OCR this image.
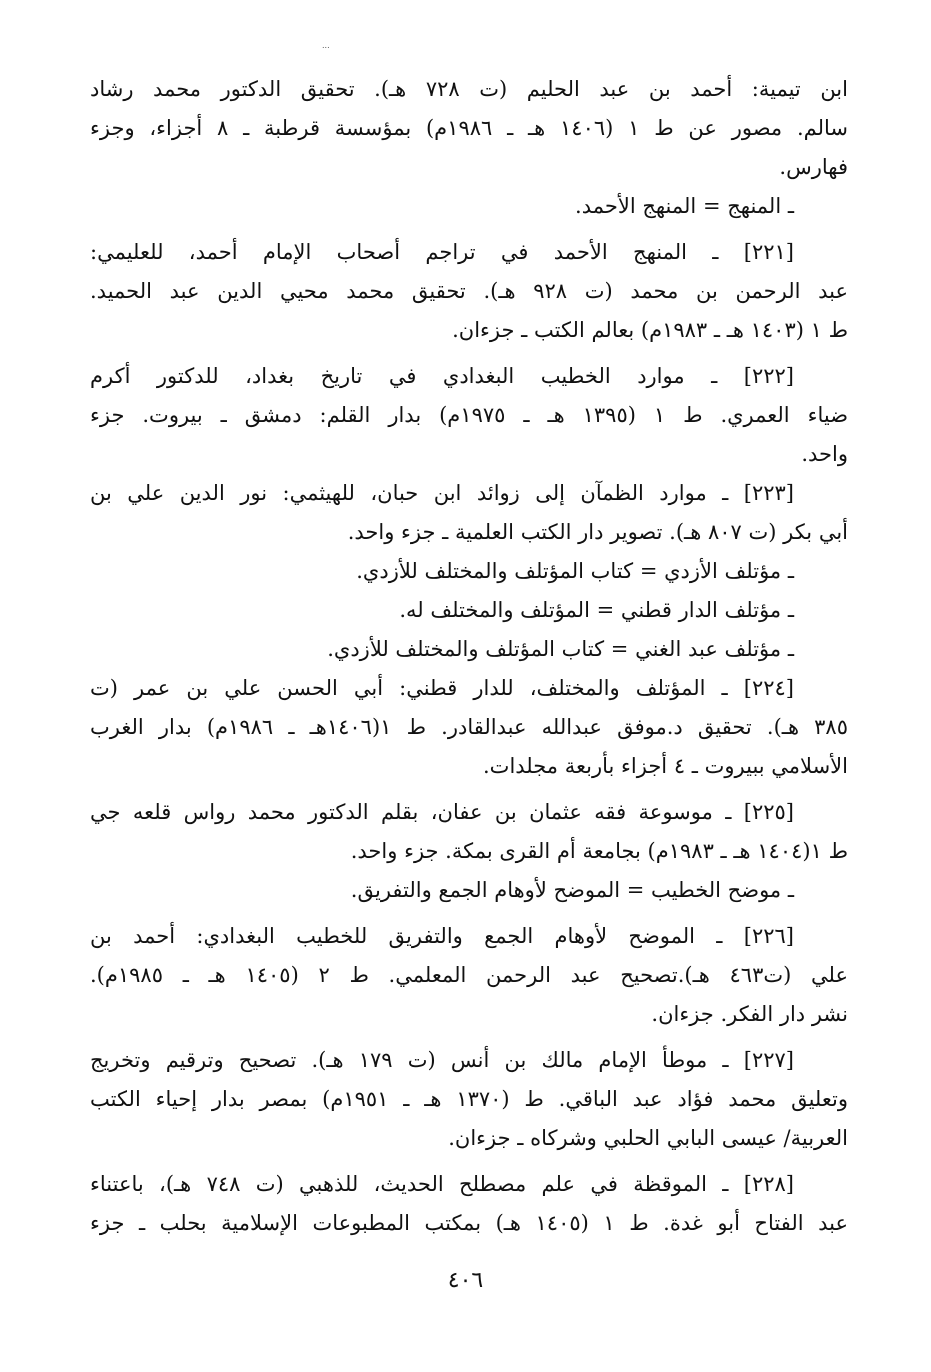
...
ابن تيمية: أحمد بن عبد الحليم (ت ٧٢٨ هـ). تحقيق الدكتور محمد رشاد
سالم. مصور عن ط ١ (١٤٠٦ هـ ـ ١٩٨٦م) بمؤسسة قرطبة ـ ٨ أجزاء، وجزء
فهارس.
ـ المنهج = المنهج الأحمد.
[٢٢١] ـ المنهج الأحمد في تراجم أصحاب الإمام أحمد، للعليمي:
عبد الرحمن بن محمد (ت ٩٢٨ هـ). تحقيق محمد محيي الدين عبد الحميد.
ط ١ (١٤٠٣ هـ ـ ١٩٨٣م) بعالم الكتب ـ جزءان.
[٢٢٢] ـ موارد الخطيب البغدادي في تاريخ بغداد، للدكتور أكرم
ضياء العمري. ط ١ (١٣٩٥ هـ ـ ١٩٧٥م) بدار القلم: دمشق ـ بيروت. جزء
واحد.
[٢٢٣] ـ موارد الظمآن إلى زوائد ابن حبان، للهيثمي: نور الدين علي بن
أبي بكر (ت ٨٠٧ هـ). تصوير دار الكتب العلمية ـ جزء واحد.
ـ مؤتلف الأزدي = كتاب المؤتلف والمختلف للأزدي.
ـ مؤتلف الدار قطني = المؤتلف والمختلف له.
ـ مؤتلف عبد الغني = كتاب المؤتلف والمختلف للأزدي.
[٢٢٤] ـ المؤتلف والمختلف، للدار قطني: أبي الحسن علي بن عمر (ت
٣٨٥ هـ). تحقيق د.موفق عبدالله عبدالقادر. ط ١(١٤٠٦هـ ـ ١٩٨٦م) بدار الغرب
الأسلامي ببيروت ـ ٤ أجزاء بأربعة مجلدات.
[٢٢٥] ـ موسوعة فقه عثمان بن عفان، بقلم الدكتور محمد رواس قلعه جي
ط ١(١٤٠٤ هـ ـ ١٩٨٣م) بجامعة أم القرى بمكة. جزء واحد.
ـ موضح الخطيب = الموضح لأوهام الجمع والتفريق.
[٢٢٦] ـ الموضح لأوهام الجمع والتفريق للخطيب البغدادي: أحمد بن
علي (ت٤٦٣ هـ).تصحيح عبد الرحمن المعلمي. ط ٢ (١٤٠٥ هـ ـ ١٩٨٥م).
نشر دار الفكر. جزءان.
[٢٢٧] ـ موطأ الإمام مالك بن أنس (ت ١٧٩ هـ). تصحيح وترقيم وتخريج
وتعليق محمد فؤاد عبد الباقي. ط (١٣٧٠ هـ ـ ١٩٥١م) بمصر بدار إحياء الكتب
العربية/ عيسى البابي الحلبي وشركاه ـ جزءان.
[٢٢٨] ـ الموقظة في علم مصطلح الحديث، للذهبي (ت ٧٤٨ هـ)، باعتناء
عبد الفتاح أبو غدة. ط ١ (١٤٠٥ هـ) بمكتب المطبوعات الإسلامية بحلب ـ جزء
٤٠٦
